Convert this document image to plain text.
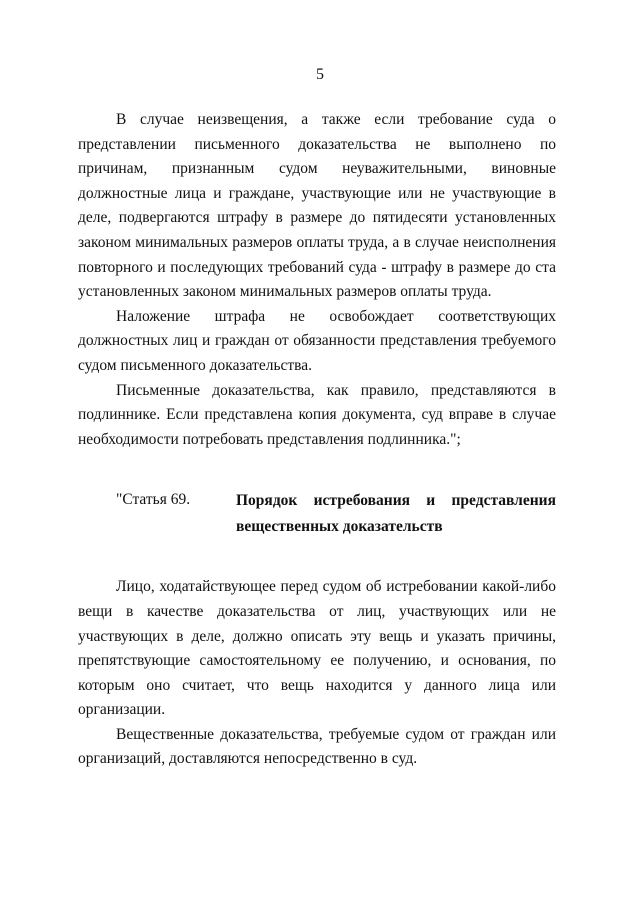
5

В случае неизвещения, а также если требование суда о представлении письменного доказательства не выполнено по причинам, признанным судом неуважительными, виновные должностные лица и граждане, участвующие или не участвующие в деле, подвергаются штрафу в размере до пятидесяти установленных законом минимальных размеров оплаты труда, а в случае неисполнения повторного и последующих требований суда - штрафу в размере до ста установленных законом минимальных размеров оплаты труда.

Наложение штрафа не освобождает соответствующих должностных лиц и граждан от обязанности представления требуемого судом письменного доказательства.

Письменные доказательства, как правило, представляются в подлиннике. Если представлена копия документа, суд вправе в случае необходимости потребовать представления подлинника.";

"Статья 69.	Порядок истребования и представления вещественных доказательств

Лицо, ходатайствующее перед судом об истребовании какой-либо вещи в качестве доказательства от лиц, участвующих или не участвующих в деле, должно описать эту вещь и указать причины, препятствующие самостоятельному ее получению, и основания, по которым оно считает, что вещь находится у данного лица или организации.

Вещественные доказательства, требуемые судом от граждан или организаций, доставляются непосредственно в суд.
